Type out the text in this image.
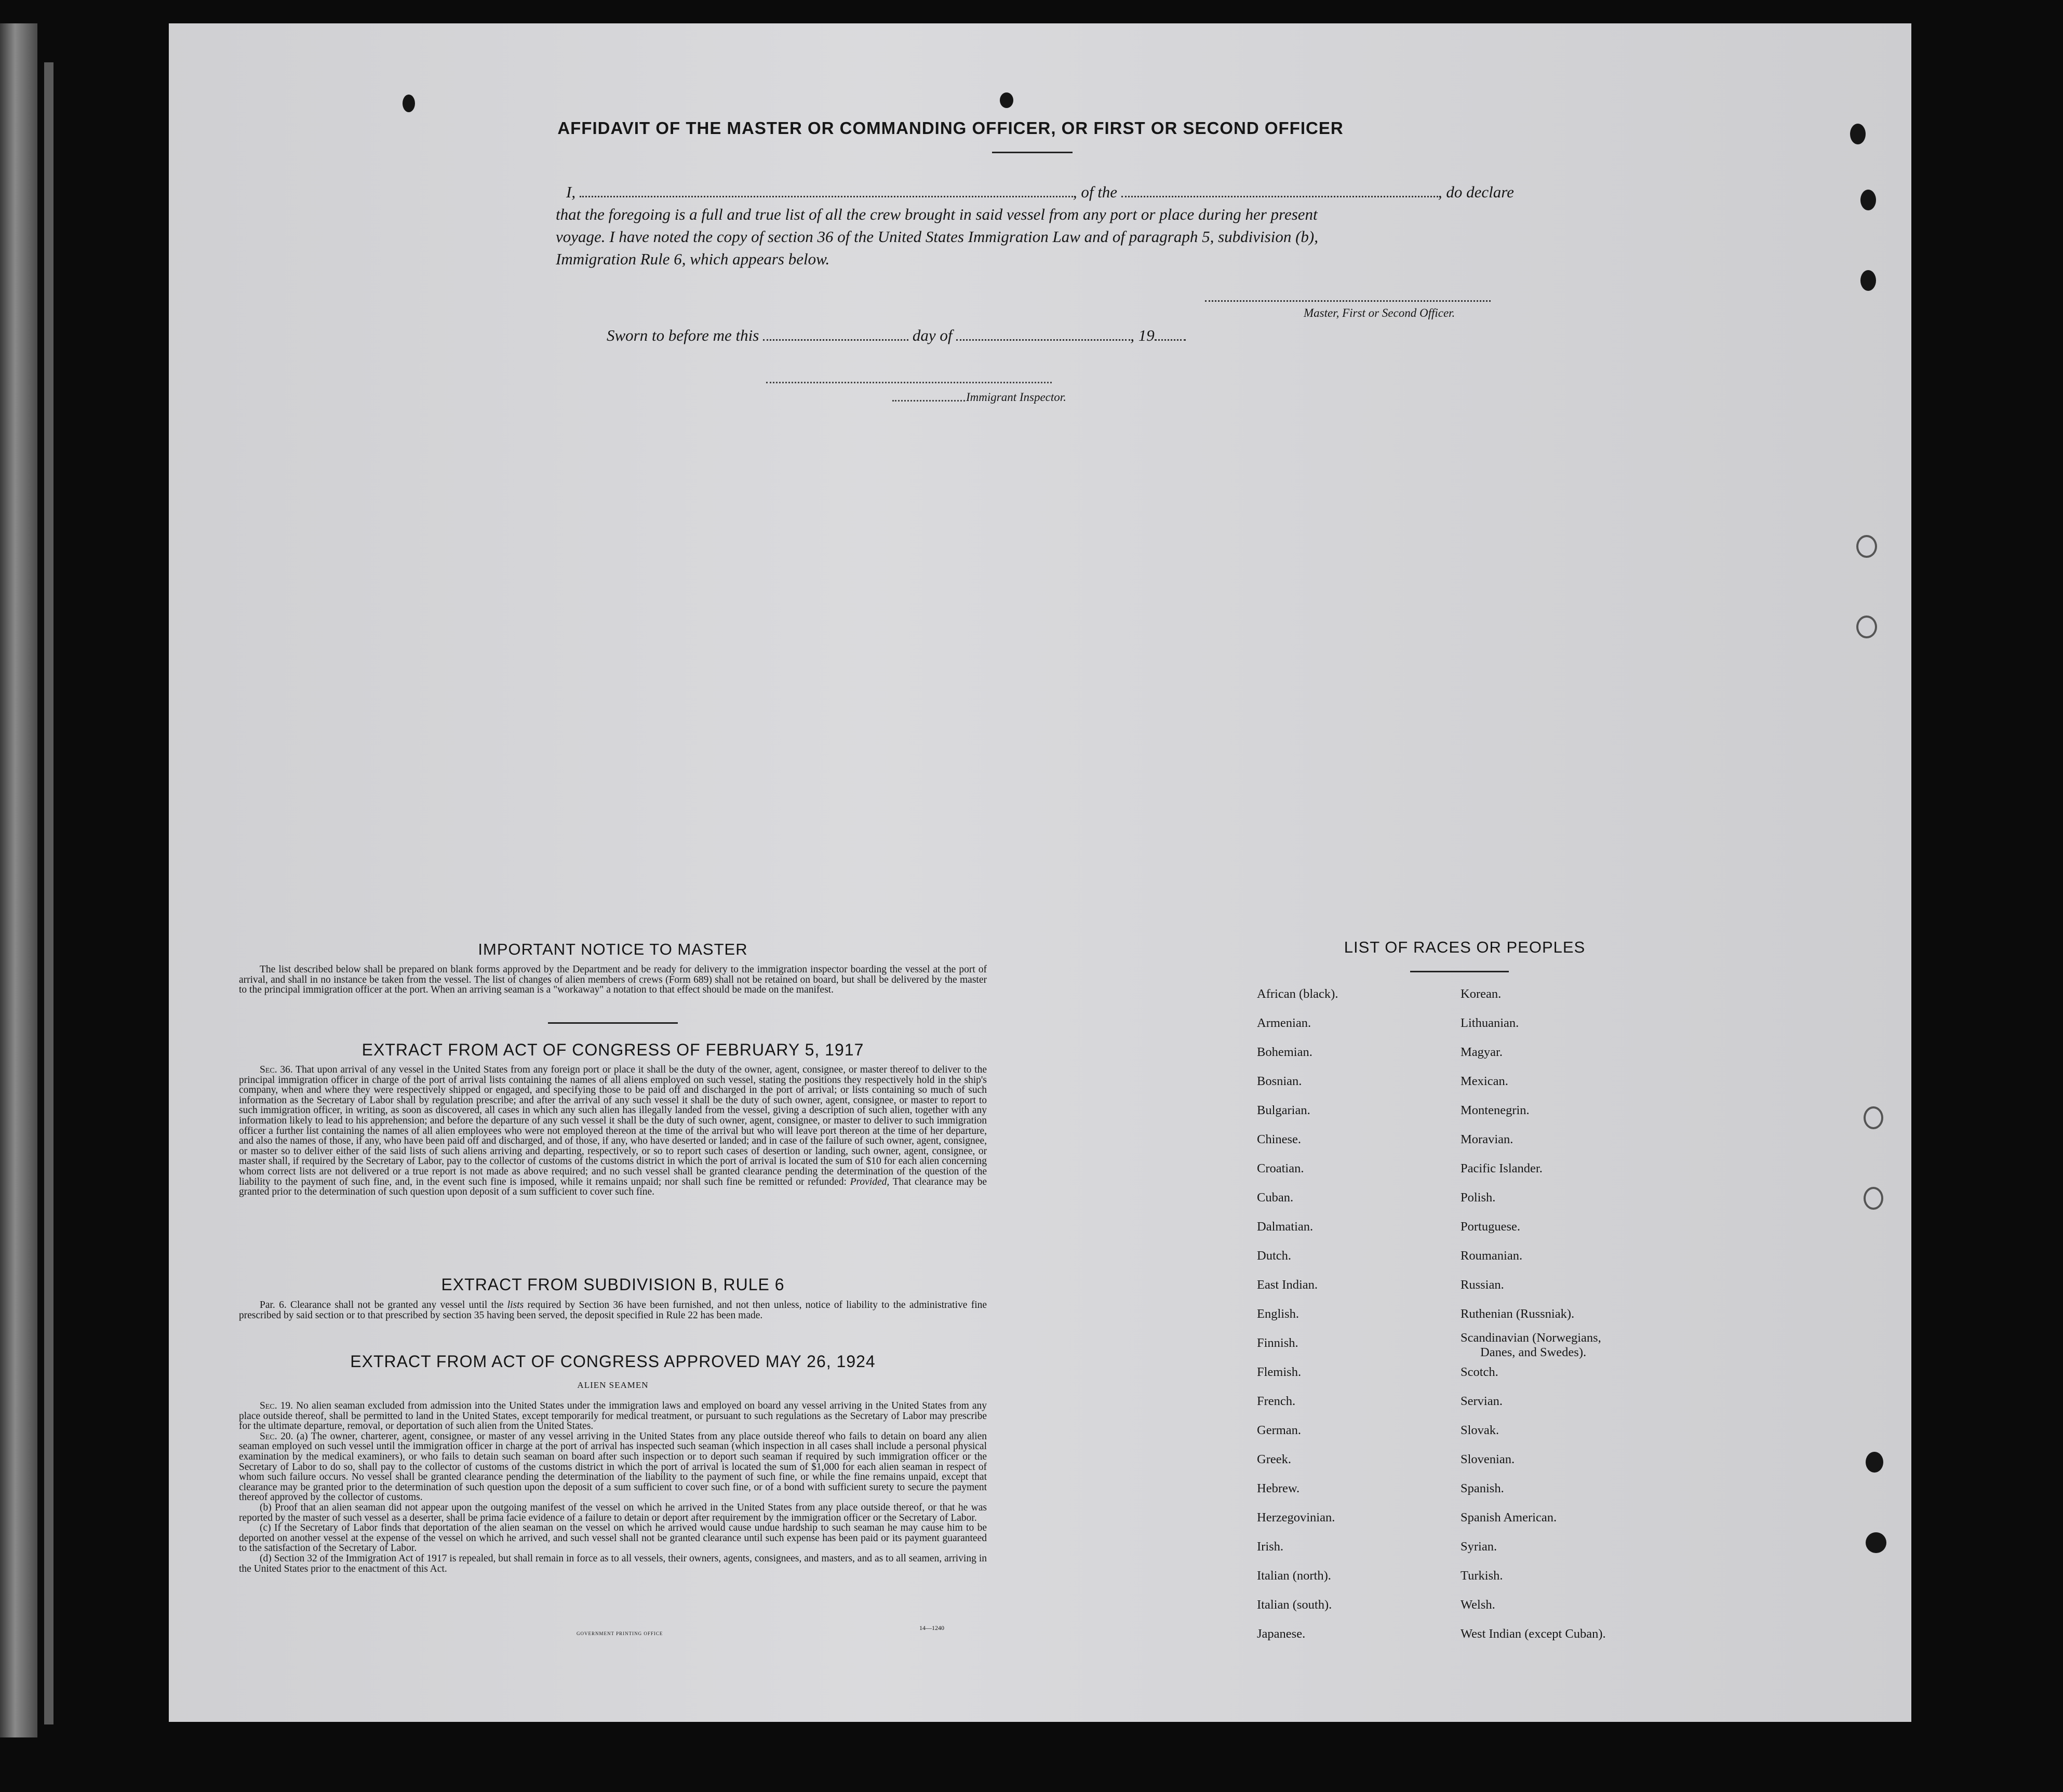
AFFIDAVIT OF THE MASTER OR COMMANDING OFFICER, OR FIRST OR SECOND OFFICER
I,	, of the	, do declare
that the foregoing is a full and true list of all the crew brought in said vessel from any port or place during her present
voyage. I have noted the copy of section 36 of the United States Immigration Law and of paragraph 5, subdivision (b),
Immigration Rule 6, which appears below.
Master, First or Second Officer.
Sworn to before me this	day of	, 19
Immigrant Inspector.
IMPORTANT NOTICE TO MASTER

The list described below shall be prepared on blank forms approved by the Department and be ready for delivery to the immigration inspector boarding the vessel at the port of arrival, and shall in no instance be taken from the vessel. The list of changes of alien members of crews (Form 689) shall not be retained on board, but shall be delivered by the master to the principal immigration officer at the port. When an arriving seaman is a "workaway" a notation to that effect should be made on the manifest.

EXTRACT FROM ACT OF CONGRESS OF FEBRUARY 5, 1917

Sec. 36. That upon arrival of any vessel in the United States from any foreign port or place it shall be the duty of the owner, agent, consignee, or master thereof to deliver to the principal immigration officer in charge of the port of arrival lists containing the names of all aliens employed on such vessel, stating the positions they respectively hold in the ship's company, when and where they were respectively shipped or engaged, and specifying those to be paid off and discharged in the port of arrival; or lists containing so much of such information as the Secretary of Labor shall by regulation prescribe; and after the arrival of any such vessel it shall be the duty of such owner, agent, consignee, or master to report to such immigration officer, in writing, as soon as discovered, all cases in which any such alien has illegally landed from the vessel, giving a description of such alien, together with any information likely to lead to his apprehension; and before the departure of any such vessel it shall be the duty of such owner, agent, consignee, or master to deliver to such immigration officer a further list containing the names of all alien employees who were not employed thereon at the time of the arrival but who will leave port thereon at the time of her departure, and also the names of those, if any, who have been paid off and discharged, and of those, if any, who have deserted or landed; and in case of the failure of such owner, agent, consignee, or master so to deliver either of the said lists of such aliens arriving and departing, respectively, or so to report such cases of desertion or landing, such owner, agent, consignee, or master shall, if required by the Secretary of Labor, pay to the collector of customs of the customs district in which the port of arrival is located the sum of $10 for each alien concerning whom correct lists are not delivered or a true report is not made as above required; and no such vessel shall be granted clearance pending the determination of the question of the liability to the payment of such fine, and, in the event such fine is imposed, while it remains unpaid; nor shall such fine be remitted or refunded: Provided, That clearance may be granted prior to the determination of such question upon deposit of a sum sufficient to cover such fine.

EXTRACT FROM SUBDIVISION B, RULE 6

Par. 6. Clearance shall not be granted any vessel until the lists required by Section 36 have been furnished, and not then unless, notice of liability to the administrative fine prescribed by said section or to that prescribed by section 35 having been served, the deposit specified in Rule 22 has been made.

EXTRACT FROM ACT OF CONGRESS APPROVED MAY 26, 1924
ALIEN SEAMEN

Sec. 19. No alien seaman excluded from admission into the United States under the immigration laws and employed on board any vessel arriving in the United States from any place outside thereof, shall be permitted to land in the United States, except temporarily for medical treatment, or pursuant to such regulations as the Secretary of Labor may prescribe for the ultimate departure, removal, or deportation of such alien from the United States.

Sec. 20. (a) The owner, charterer, agent, consignee, or master of any vessel arriving in the United States from any place outside thereof who fails to detain on board any alien seaman employed on such vessel until the immigration officer in charge at the port of arrival has inspected such seaman (which inspection in all cases shall include a personal physical examination by the medical examiners), or who fails to detain such seaman on board after such inspection or to deport such seaman if required by such immigration officer or the Secretary of Labor to do so, shall pay to the collector of customs of the customs district in which the port of arrival is located the sum of $1,000 for each alien seaman in respect of whom such failure occurs. No vessel shall be granted clearance pending the determination of the liability to the payment of such fine, or while the fine remains unpaid, except that clearance may be granted prior to the determination of such question upon the deposit of a sum sufficient to cover such fine, or of a bond with sufficient surety to secure the payment thereof approved by the collector of customs.

(b) Proof that an alien seaman did not appear upon the outgoing manifest of the vessel on which he arrived in the United States from any place outside thereof, or that he was reported by the master of such vessel as a deserter, shall be prima facie evidence of a failure to detain or deport after requirement by the immigration officer or the Secretary of Labor.

(c) If the Secretary of Labor finds that deportation of the alien seaman on the vessel on which he arrived would cause undue hardship to such seaman he may cause him to be deported on another vessel at the expense of the vessel on which he arrived, and such vessel shall not be granted clearance until such expense has been paid or its payment guaranteed to the satisfaction of the Secretary of Labor.

(d) Section 32 of the Immigration Act of 1917 is repealed, but shall remain in force as to all vessels, their owners, agents, consignees, and masters, and as to all seamen, arriving in the United States prior to the enactment of this Act.

GOVERNMENT PRINTING OFFICE
14—1240
LIST OF RACES OR PEOPLES
African (black).
Armenian.
Bohemian.
Bosnian.
Bulgarian.
Chinese.
Croatian.
Cuban.
Dalmatian.
Dutch.
East Indian.
English.
Finnish.
Flemish.
French.
German.
Greek.
Hebrew.
Herzegovinian.
Irish.
Italian (north).
Italian (south).
Japanese.
Korean.
Lithuanian.
Magyar.
Mexican.
Montenegrin.
Moravian.
Pacific Islander.
Polish.
Portuguese.
Roumanian.
Russian.
Ruthenian (Russniak).
Scandinavian (Norwegians,
Danes, and Swedes).
Scotch.
Servian.
Slovak.
Slovenian.
Spanish.
Spanish American.
Syrian.
Turkish.
Welsh.
West Indian (except Cuban).
